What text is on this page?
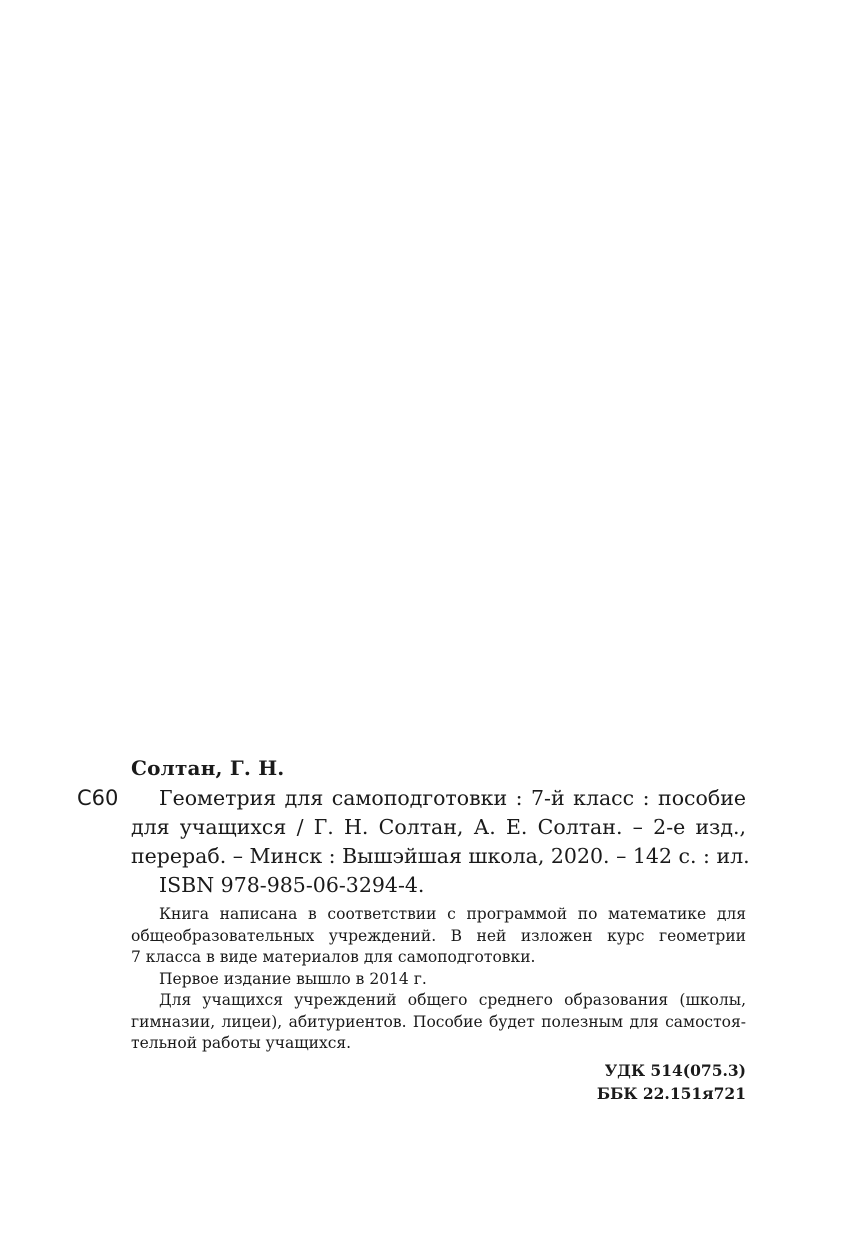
Солтан, Г. Н.
С60	Геометрия для самоподготовки : 7-й класс : пособие
для учащихся / Г. Н. Солтан, А. Е. Солтан. – 2-е изд.,
перераб. – Минск : Вышэйшая школа, 2020. – 142 с. : ил.
ISBN 978-985-06-3294-4.
Книга написана в соответствии с программой по математике для
общеобразовательных учреждений. В ней изложен курс геометрии
7 класса в виде материалов для самоподготовки.
Первое издание вышло в 2014 г.
Для учащихся учреждений общего среднего образования (школы,
гимназии, лицеи), абитуриентов. Пособие будет полезным для самостоя-
тельной работы учащихся.
УДК 514(075.3)
ББК 22.151я721
